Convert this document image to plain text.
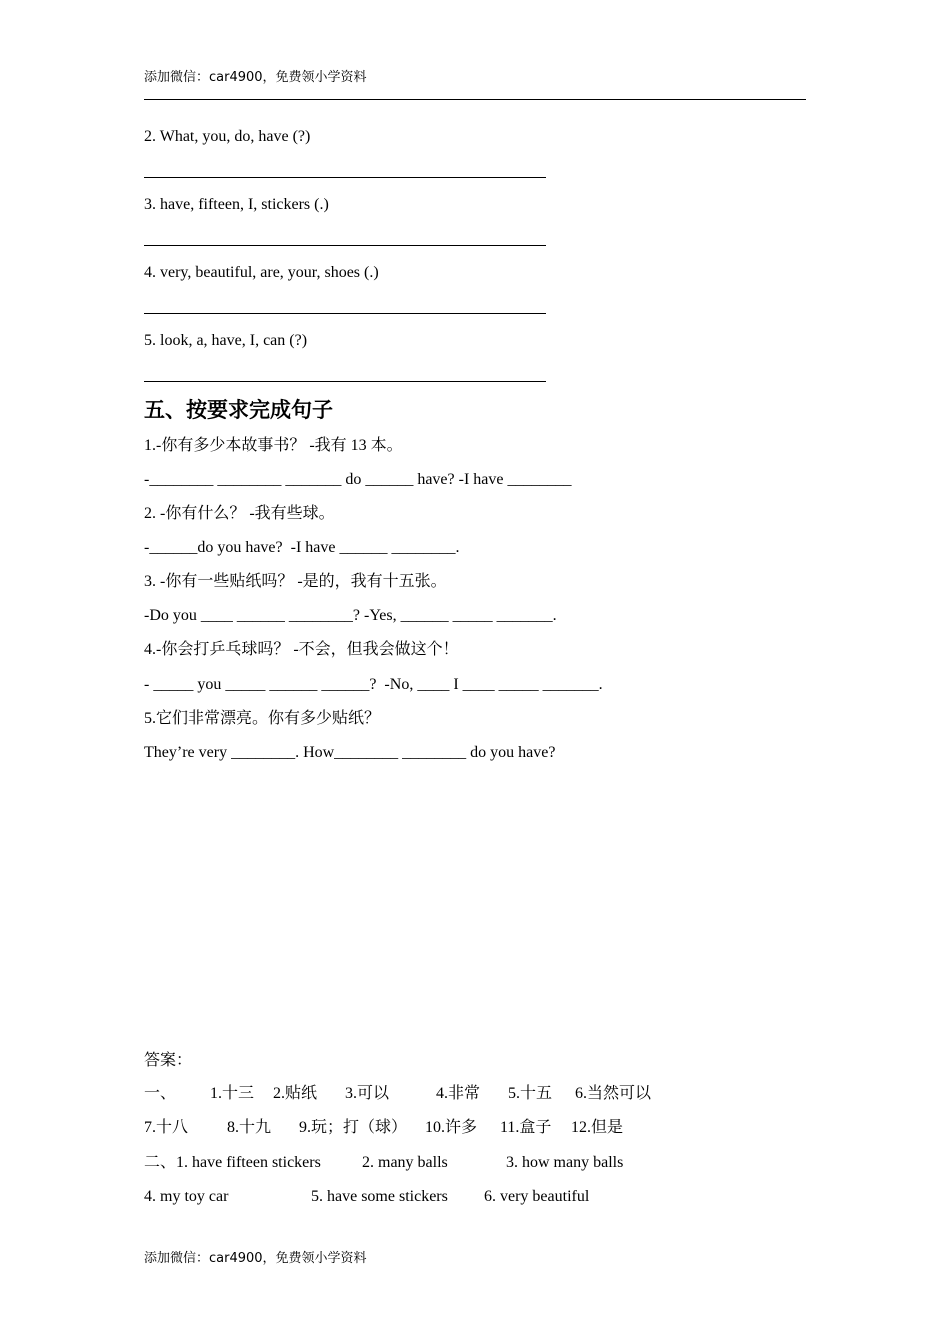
添加微信：car4900，免费领小学资料
2. What, you, do, have (?)
3. have, fifteen, I, stickers (.)
4. very, beautiful, are, your, shoes (.)
5. look, a, have, I, can (?)
五、按要求完成句子
1.-你有多少本故事书？ -我有 13 本。
-________ ________ _______ do ______ have? -I have ________
2. -你有什么？ -我有些球。
-______do you have?  -I have ______ ________.
3. -你有一些贴纸吗？ -是的，我有十五张。
-Do you ____ ______ ________? -Yes, ______ _____ _______.
4.-你会打乒乓球吗？ -不会，但我会做这个！
- _____ you _____ ______ ______?  -No, ____ I ____ _____ _______.
5.它们非常漂亮。你有多少贴纸？
They’re very ________. How________ ________ do you have?
答案：
一、 1.十三 2.贴纸 3.可以	4.非常 5.十五 6.当然可以
7.十八 8.十九 9.玩；打（球） 10.许多 11.盒子 12.但是
二、1. have fifteen stickers	2. many balls	3. how many balls
4. my toy car	5. have some stickers 6. very beautiful
添加微信：car4900，免费领小学资料
